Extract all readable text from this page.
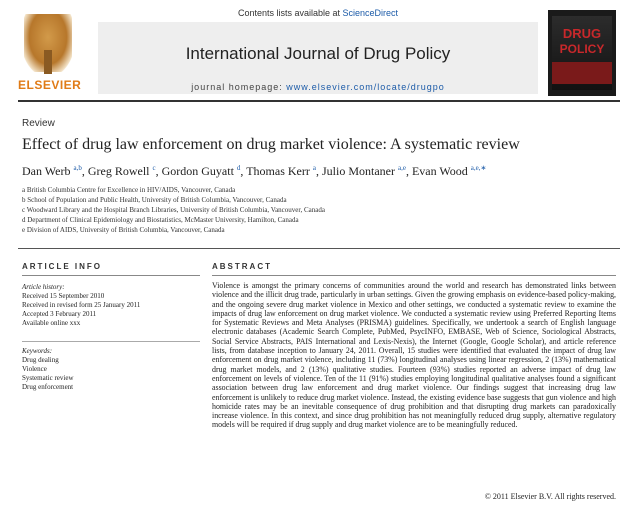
ELSEVIER
Contents lists available at ScienceDirect
International Journal of Drug Policy
journal homepage: www.elsevier.com/locate/drugpo
DRUG
POLICY
Review
Effect of drug law enforcement on drug market violence: A systematic review
Dan Werb $^{a,b}$, Greg Rowell $^c$, Gordon Guyatt $^d$, Thomas Kerr $^a$, Julio Montaner $^{a,e}$, Evan Wood $^{a,e,∗}$
a British Columbia Centre for Excellence in HIV/AIDS, Vancouver, Canada
b School of Population and Public Health, University of British Columbia, Vancouver, Canada
c Woodward Library and the Hospital Branch Libraries, University of British Columbia, Vancouver, Canada
d Department of Clinical Epidemiology and Biostatistics, McMaster University, Hamilton, Canada
e Division of AIDS, University of British Columbia, Vancouver, Canada
ARTICLE INFO
Article history:
Received 15 September 2010
Received in revised form 25 January 2011
Accepted 3 February 2011
Available online xxx
Keywords:
Drug dealing
Violence
Systematic review
Drug enforcement
ABSTRACT
Violence is amongst the primary concerns of communities around the world and research has demonstrated links between violence and the illicit drug trade, particularly in urban settings. Given the growing emphasis on evidence-based policy-making, and the ongoing severe drug market violence in Mexico and other settings, we conducted a systematic review to examine the impacts of drug law enforcement on drug market violence. We conducted a systematic review using Preferred Reporting Items for Systematic Reviews and Meta Analyses (PRISMA) guidelines. Specifically, we undertook a search of English language electronic databases (Academic Search Complete, PubMed, PsycINFO, EMBASE, Web of Science, Sociological Abstracts, Social Service Abstracts, PAIS International and Lexis-Nexis), the Internet (Google, Google Scholar), and article reference lists, from database inception to January 24, 2011. Overall, 15 studies were identified that evaluated the impact of drug law enforcement on drug market violence, including 11 (73%) longitudinal analyses using linear regression, 2 (13%) mathematical drug market models, and 2 (13%) qualitative studies. Fourteen (93%) studies reported an adverse impact of drug law enforcement on levels of violence. Ten of the 11 (91%) studies employing longitudinal qualitative analyses found a significant association between drug law enforcement and drug market violence. Our findings suggest that increasing drug law enforcement is unlikely to reduce drug market violence. Instead, the existing evidence base suggests that gun violence and high homicide rates may be an inevitable consequence of drug prohibition and that disrupting drug markets can paradoxically increase violence. In this context, and since drug prohibition has not meaningfully reduced drug supply, alternative regulatory models will be required if drug supply and drug market violence are to be meaningfully reduced.
© 2011 Elsevier B.V. All rights reserved.
